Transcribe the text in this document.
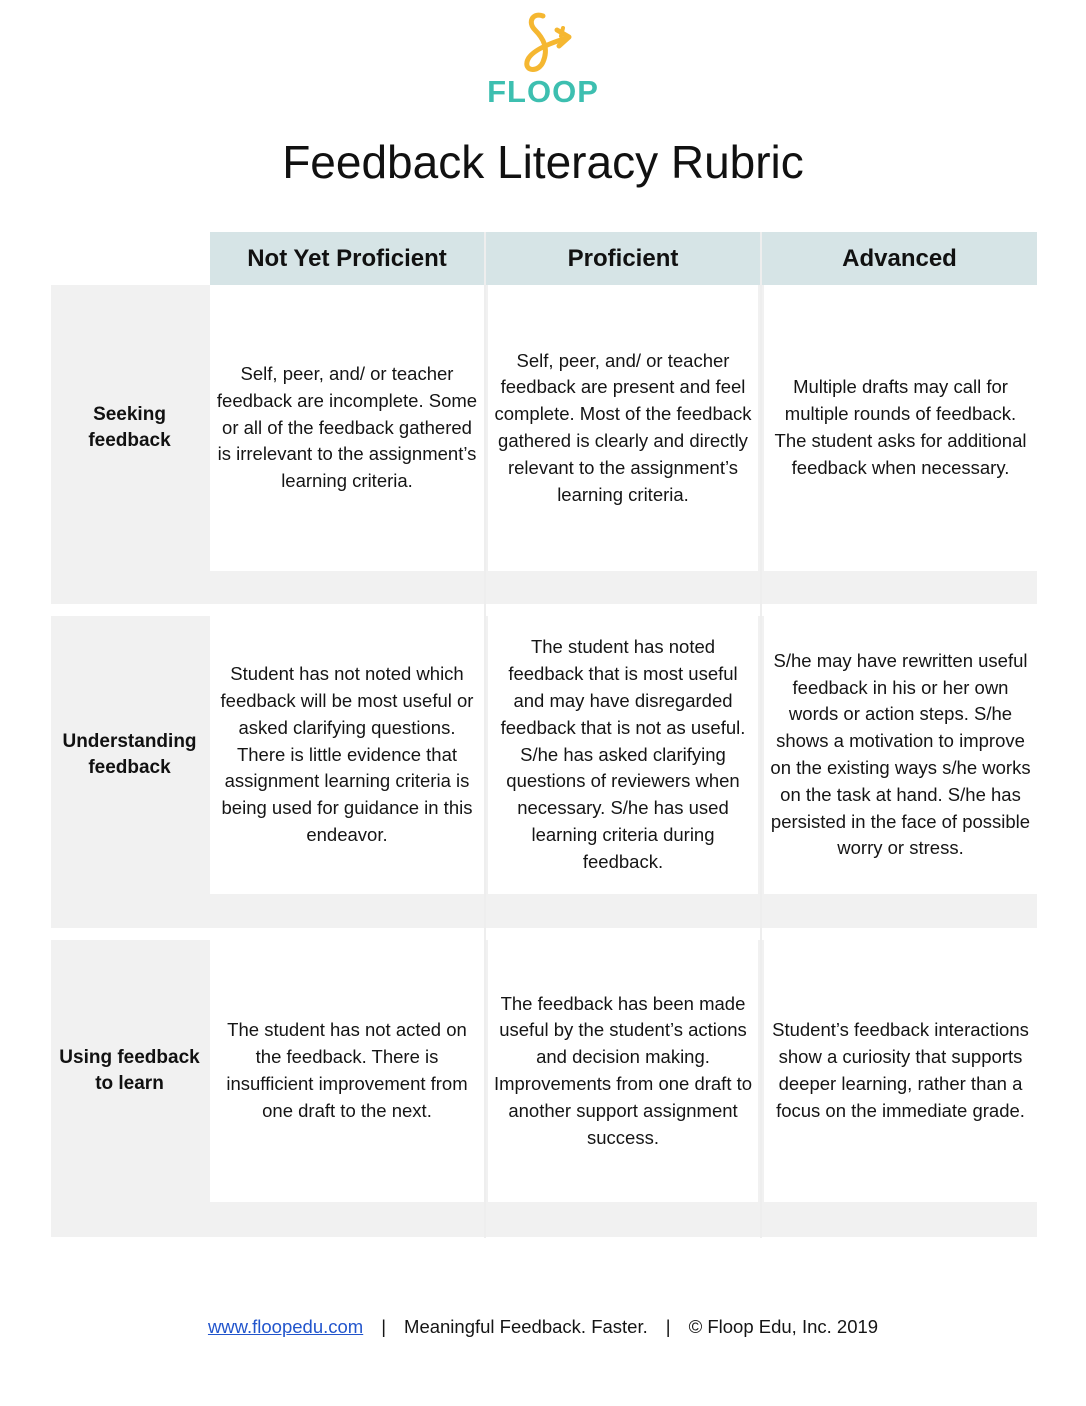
FLOOP
Feedback Literacy Rubric
Not Yet Proficient	Proficient	Advanced
Seeking feedback
Self, peer, and/ or teacher feedback are incomplete. Some or all of the feedback gathered is irrelevant to the assignment’s learning criteria.
Self, peer, and/ or teacher feedback are present and feel complete. Most of the feedback gathered is clearly and directly relevant to the assignment’s learning criteria.
Multiple drafts may call for multiple rounds of feedback. The student asks for additional feedback when necessary.
Understanding feedback
Student has not noted which feedback will be most useful or asked clarifying questions. There is little evidence that assignment learning criteria is being used for guidance in this endeavor.
The student has noted feedback that is most useful and may have disregarded feedback that is not as useful. S/he has asked clarifying questions of reviewers when necessary. S/he has used learning criteria during feedback.
S/he may have rewritten useful feedback in his or her own words or action steps. S/he shows a motivation to improve on the existing ways s/he works on the task at hand. S/he has persisted in the face of possible worry or stress.
Using feedback to learn
The student has not acted on the feedback. There is insufficient improvement from one draft to the next.
The feedback has been made useful by the student’s actions and decision making. Improvements from one draft to another support assignment success.
Student’s feedback interactions show a curiosity that supports deeper learning, rather than a focus on the immediate grade.
www.floopedu.com | Meaningful Feedback. Faster. | © Floop Edu, Inc. 2019
